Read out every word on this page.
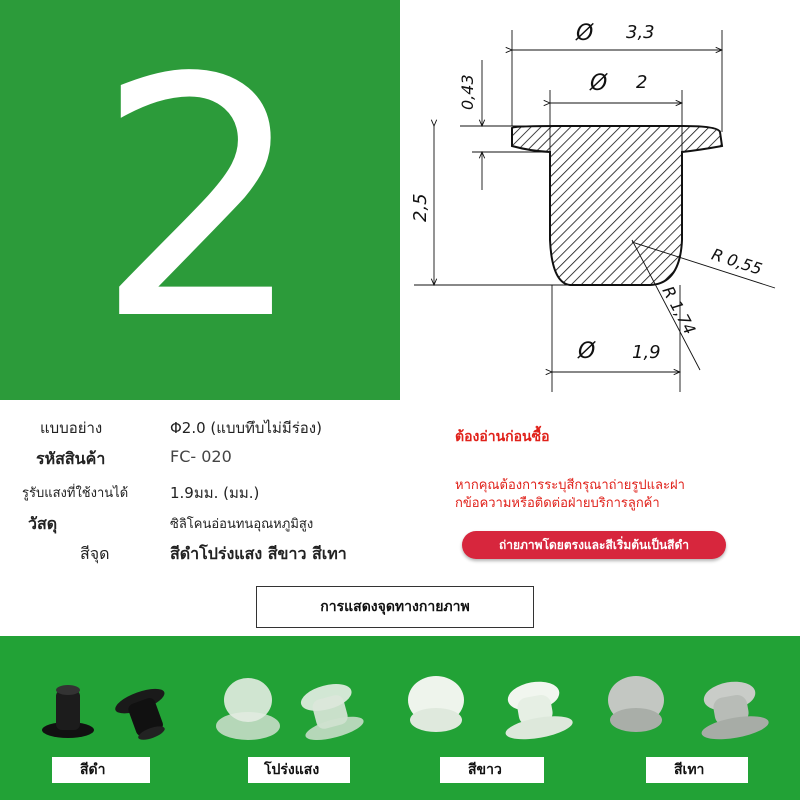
2	Ø 3,3
Ø 2
0,43
2,5
R 0,55
R 1,74
Ø 1,9
แบบอย่าง	Φ2.0 (แบบทึบไม่มีร่อง)
รหัสสินค้า	FC- 020
รูรับแสงที่ใช้งานได้	1.9มม. (มม.)
วัสดุ	ซิลิโคนอ่อนทนอุณหภูมิสูง
สีจุด	สีดำโปร่งแสง สีขาว สีเทา
ต้องอ่านก่อนซื้อ
หากคุณต้องการระบุสีกรุณาถ่ายรูปและฝา
กข้อความหรือติดต่อฝ่ายบริการลูกค้า
ถ่ายภาพโดยตรงและสีเริ่มต้นเป็นสีดำ
การแสดงจุดทางกายภาพ
สีดำ	โปร่งแสง	สีขาว	สีเทา
